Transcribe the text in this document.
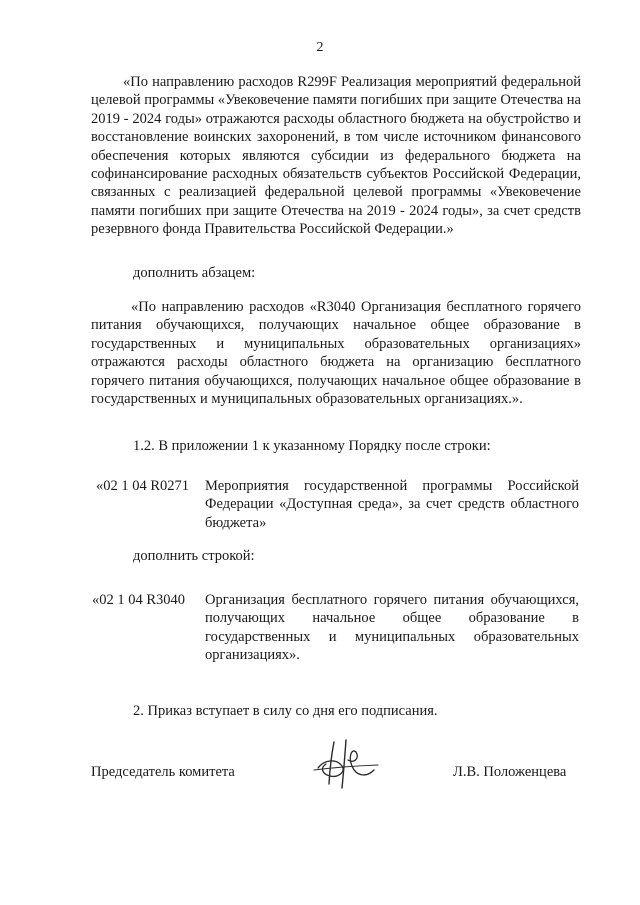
2
«По направлению расходов R299F Реализация мероприятий федеральной целевой программы «Увековечение памяти погибших при защите Отечества на 2019 - 2024 годы» отражаются расходы областного бюджета на обустройство и восстановление воинских захоронений, в том числе источником финансового обеспечения которых являются субсидии из федерального бюджета на софинансирование расходных обязательств субъектов Российской Федерации, связанных с реализацией федеральной целевой программы «Увековечение памяти погибших при защите Отечества на 2019 - 2024 годы», за счет средств резервного фонда Правительства Российской Федерации.»
дополнить абзацем:
«По направлению расходов «R3040 Организация бесплатного горячего питания обучающихся, получающих начальное общее образование в государственных и муниципальных образовательных организациях» отражаются расходы областного бюджета на организацию бесплатного горячего питания обучающихся, получающих начальное общее образование в государственных и муниципальных образовательных организациях.».
1.2. В приложении 1 к указанному Порядку после строки:
«02 1 04 R0271 Мероприятия государственной программы Российской Федерации «Доступная среда», за счет средств областного бюджета»
дополнить строкой:
«02 1 04 R3040 Организация бесплатного горячего питания обучающихся, получающих начальное общее образование в государственных и муниципальных образовательных организациях».
2. Приказ вступает в силу со дня его подписания.
Председатель комитета	Л.В. Положенцева
